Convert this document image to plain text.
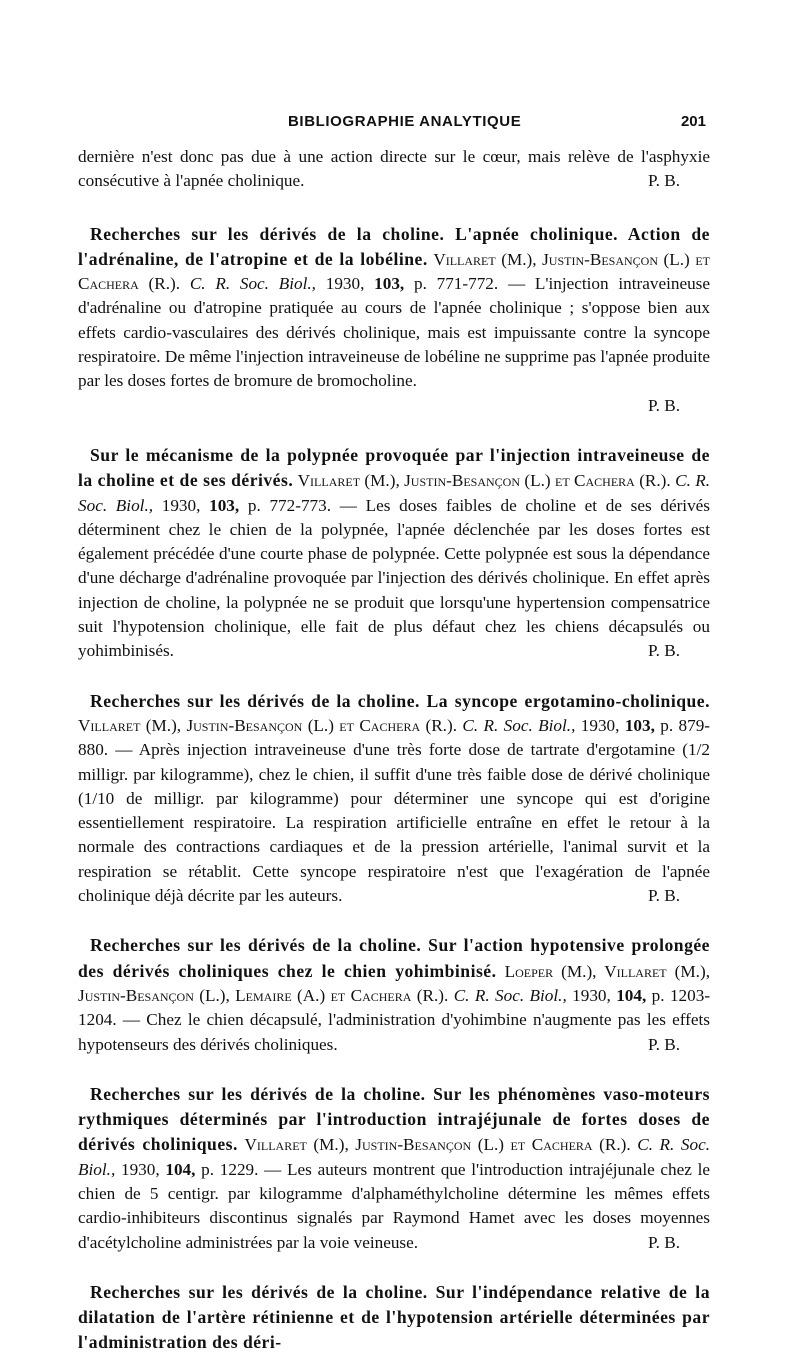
BIBLIOGRAPHIE ANALYTIQUE	201

dernière n'est donc pas due à une action directe sur le cœur, mais relève de l'asphyxie consécutive à l'apnée cholinique.	P. B.

Recherches sur les dérivés de la choline. L'apnée cholinique. Action de l'adrénaline, de l'atropine et de la lobéline. Villaret (M.), Justin-Besançon (L.) et Cachera (R.). C. R. Soc. Biol., 1930, 103, p. 771-772. — L'injection intraveineuse d'adrénaline ou d'atropine pratiquée au cours de l'apnée cholinique ; s'oppose bien aux effets cardio-vasculaires des dérivés cholinique, mais est impuissante contre la syncope respiratoire. De même l'injection intraveineuse de lobéline ne supprime pas l'apnée produite par les doses fortes de bromure de bromocholine.

P. B.

Sur le mécanisme de la polypnée provoquée par l'injection intraveineuse de la choline et de ses dérivés. Villaret (M.), Justin-Besançon (L.) et Cachera (R.). C. R. Soc. Biol., 1930, 103, p. 772-773. — Les doses faibles de choline et de ses dérivés déterminent chez le chien de la polypnée, l'apnée déclenchée par les doses fortes est également précédée d'une courte phase de polypnée. Cette polypnée est sous la dépendance d'une décharge d'adrénaline provoquée par l'injection des dérivés cholinique. En effet après injection de choline, la polypnée ne se produit que lorsqu'une hypertension compensatrice suit l'hypotension cholinique, elle fait de plus défaut chez les chiens décapsulés ou yohimbinisés.	P. B.

Recherches sur les dérivés de la choline. La syncope ergotamino-cholinique. Villaret (M.), Justin-Besançon (L.) et Cachera (R.). C. R. Soc. Biol., 1930, 103, p. 879-880. — Après injection intraveineuse d'une très forte dose de tartrate d'ergotamine (1/2 milligr. par kilogramme), chez le chien, il suffit d'une très faible dose de dérivé cholinique (1/10 de milligr. par kilogramme) pour déterminer une syncope qui est d'origine essentiellement respiratoire. La respiration artificielle entraîne en effet le retour à la normale des contractions cardiaques et de la pression artérielle, l'animal survit et la respiration se rétablit. Cette syncope respiratoire n'est que l'exagération de l'apnée cholinique déjà décrite par les auteurs.	P. B.

Recherches sur les dérivés de la choline. Sur l'action hypotensive prolongée des dérivés choliniques chez le chien yohimbinisé. Loeper (M.), Villaret (M.), Justin-Besançon (L.), Lemaire (A.) et Cachera (R.). C. R. Soc. Biol., 1930, 104, p. 1203-1204. — Chez le chien décapsulé, l'administration d'yohimbine n'augmente pas les effets hypotenseurs des dérivés choliniques.	P. B.

Recherches sur les dérivés de la choline. Sur les phénomènes vaso-moteurs rythmiques déterminés par l'introduction intrajéjunale de fortes doses de dérivés choliniques. Villaret (M.), Justin-Besançon (L.) et Cachera (R.). C. R. Soc. Biol., 1930, 104, p. 1229. — Les auteurs montrent que l'introduction intrajéjunale chez le chien de 5 centigr. par kilogramme d'alphaméthylcholine détermine les mêmes effets cardio-inhibiteurs discontinus signalés par Raymond Hamet avec les doses moyennes d'acétylcholine administrées par la voie veineuse.	P. B.

Recherches sur les dérivés de la choline. Sur l'indépendance relative de la dilatation de l'artère rétinienne et de l'hypotension artérielle déterminées par l'administration des déri-
